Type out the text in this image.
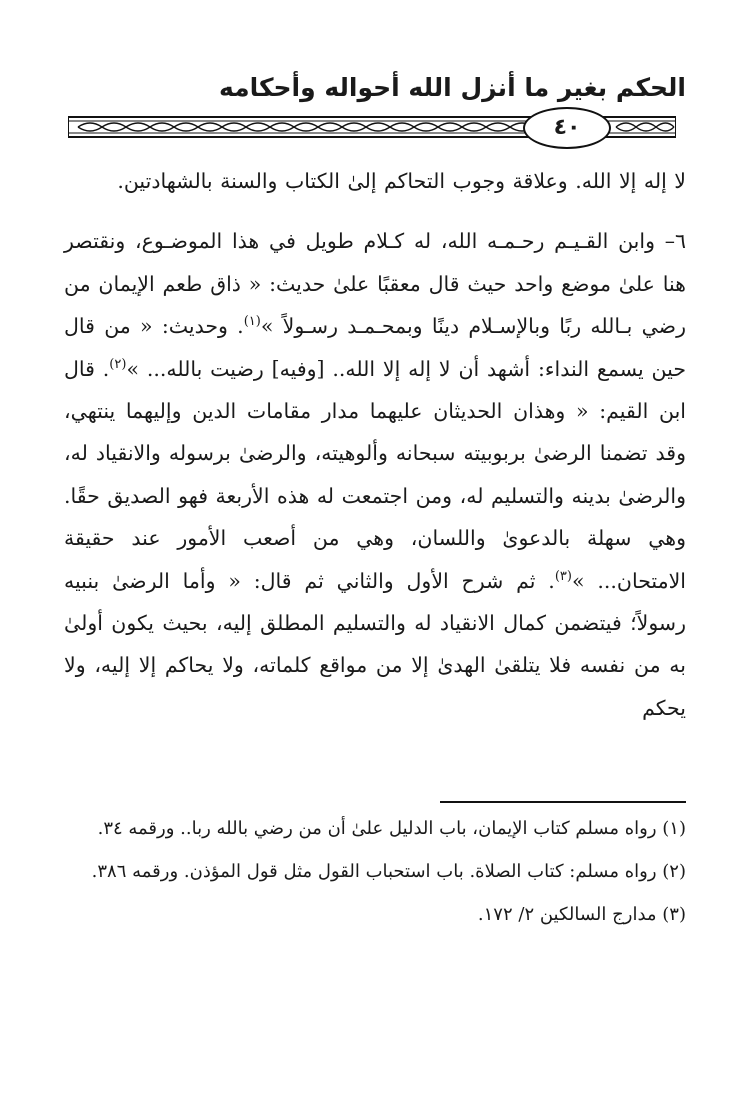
الحكم بغير ما أنزل الله أحواله وأحكامه
٤٠

لا إله إلا الله. وعلاقة وجوب التحاكم إلىٰ الكتاب والسنة بالشهادتين.

٦– وابن القـيـم رحـمـه الله، له كـلام طويل في هذا الموضـوع، ونقتصر هنا علىٰ موضع واحد حيث قال معقبًا علىٰ حديث: « ذاق طعم الإيمان من رضي بـالله ربًا وبالإسـلام دينًا وبمحـمـد رسـولاً »$^{(١)}$. وحديث: « من قال حين يسمع النداء: أشهد أن لا إله إلا الله.. [وفيه] رضيت بالله... »$^{(٢)}$. قال ابن القيم: « وهذان الحديثان عليهما مدار مقامات الدين وإليهما ينتهي، وقد تضمنا الرضىٰ بربوبيته سبحانه وألوهيته، والرضىٰ برسوله والانقياد له، والرضىٰ بدينه والتسليم له، ومن اجتمعت له هذه الأربعة فهو الصديق حقًا. وهي سهلة بالدعوىٰ واللسان، وهي من أصعب الأمور عند حقيقة الامتحان... »$^{(٣)}$. ثم شرح الأول والثاني ثم قال: « وأما الرضىٰ بنبيه رسولاً؛ فيتضمن كمال الانقياد له والتسليم المطلق إليه، بحيث يكون أولىٰ به من نفسه فلا يتلقىٰ الهدىٰ إلا من مواقع كلماته، ولا يحاكم إلا إليه، ولا يحكم

(١) رواه مسلم كتاب الإيمان، باب الدليل علىٰ أن من رضي بالله ربا.. ورقمه ٣٤.

(٢) رواه مسلم: كتاب الصلاة. باب استحباب القول مثل قول المؤذن. ورقمه ٣٨٦.

(٣) مدارج السالكين ٢/ ١٧٢.
